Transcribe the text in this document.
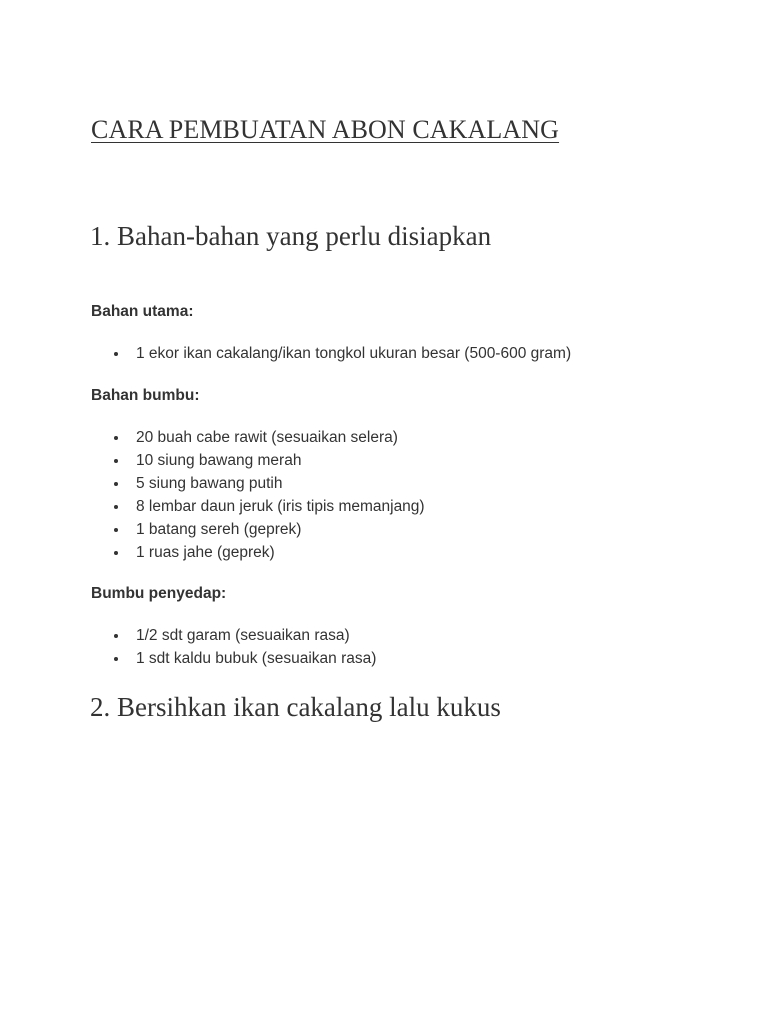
CARA PEMBUATAN ABON CAKALANG
1. Bahan-bahan yang perlu disiapkan
Bahan utama:
1 ekor ikan cakalang/ikan tongkol ukuran besar (500-600 gram)
Bahan bumbu:
20 buah cabe rawit (sesuaikan selera)
10 siung bawang merah
5 siung bawang putih
8 lembar daun jeruk (iris tipis memanjang)
1 batang sereh (geprek)
1 ruas jahe (geprek)
Bumbu penyedap:
1/2 sdt garam (sesuaikan rasa)
1 sdt kaldu bubuk (sesuaikan rasa)
2. Bersihkan ikan cakalang lalu kukus
